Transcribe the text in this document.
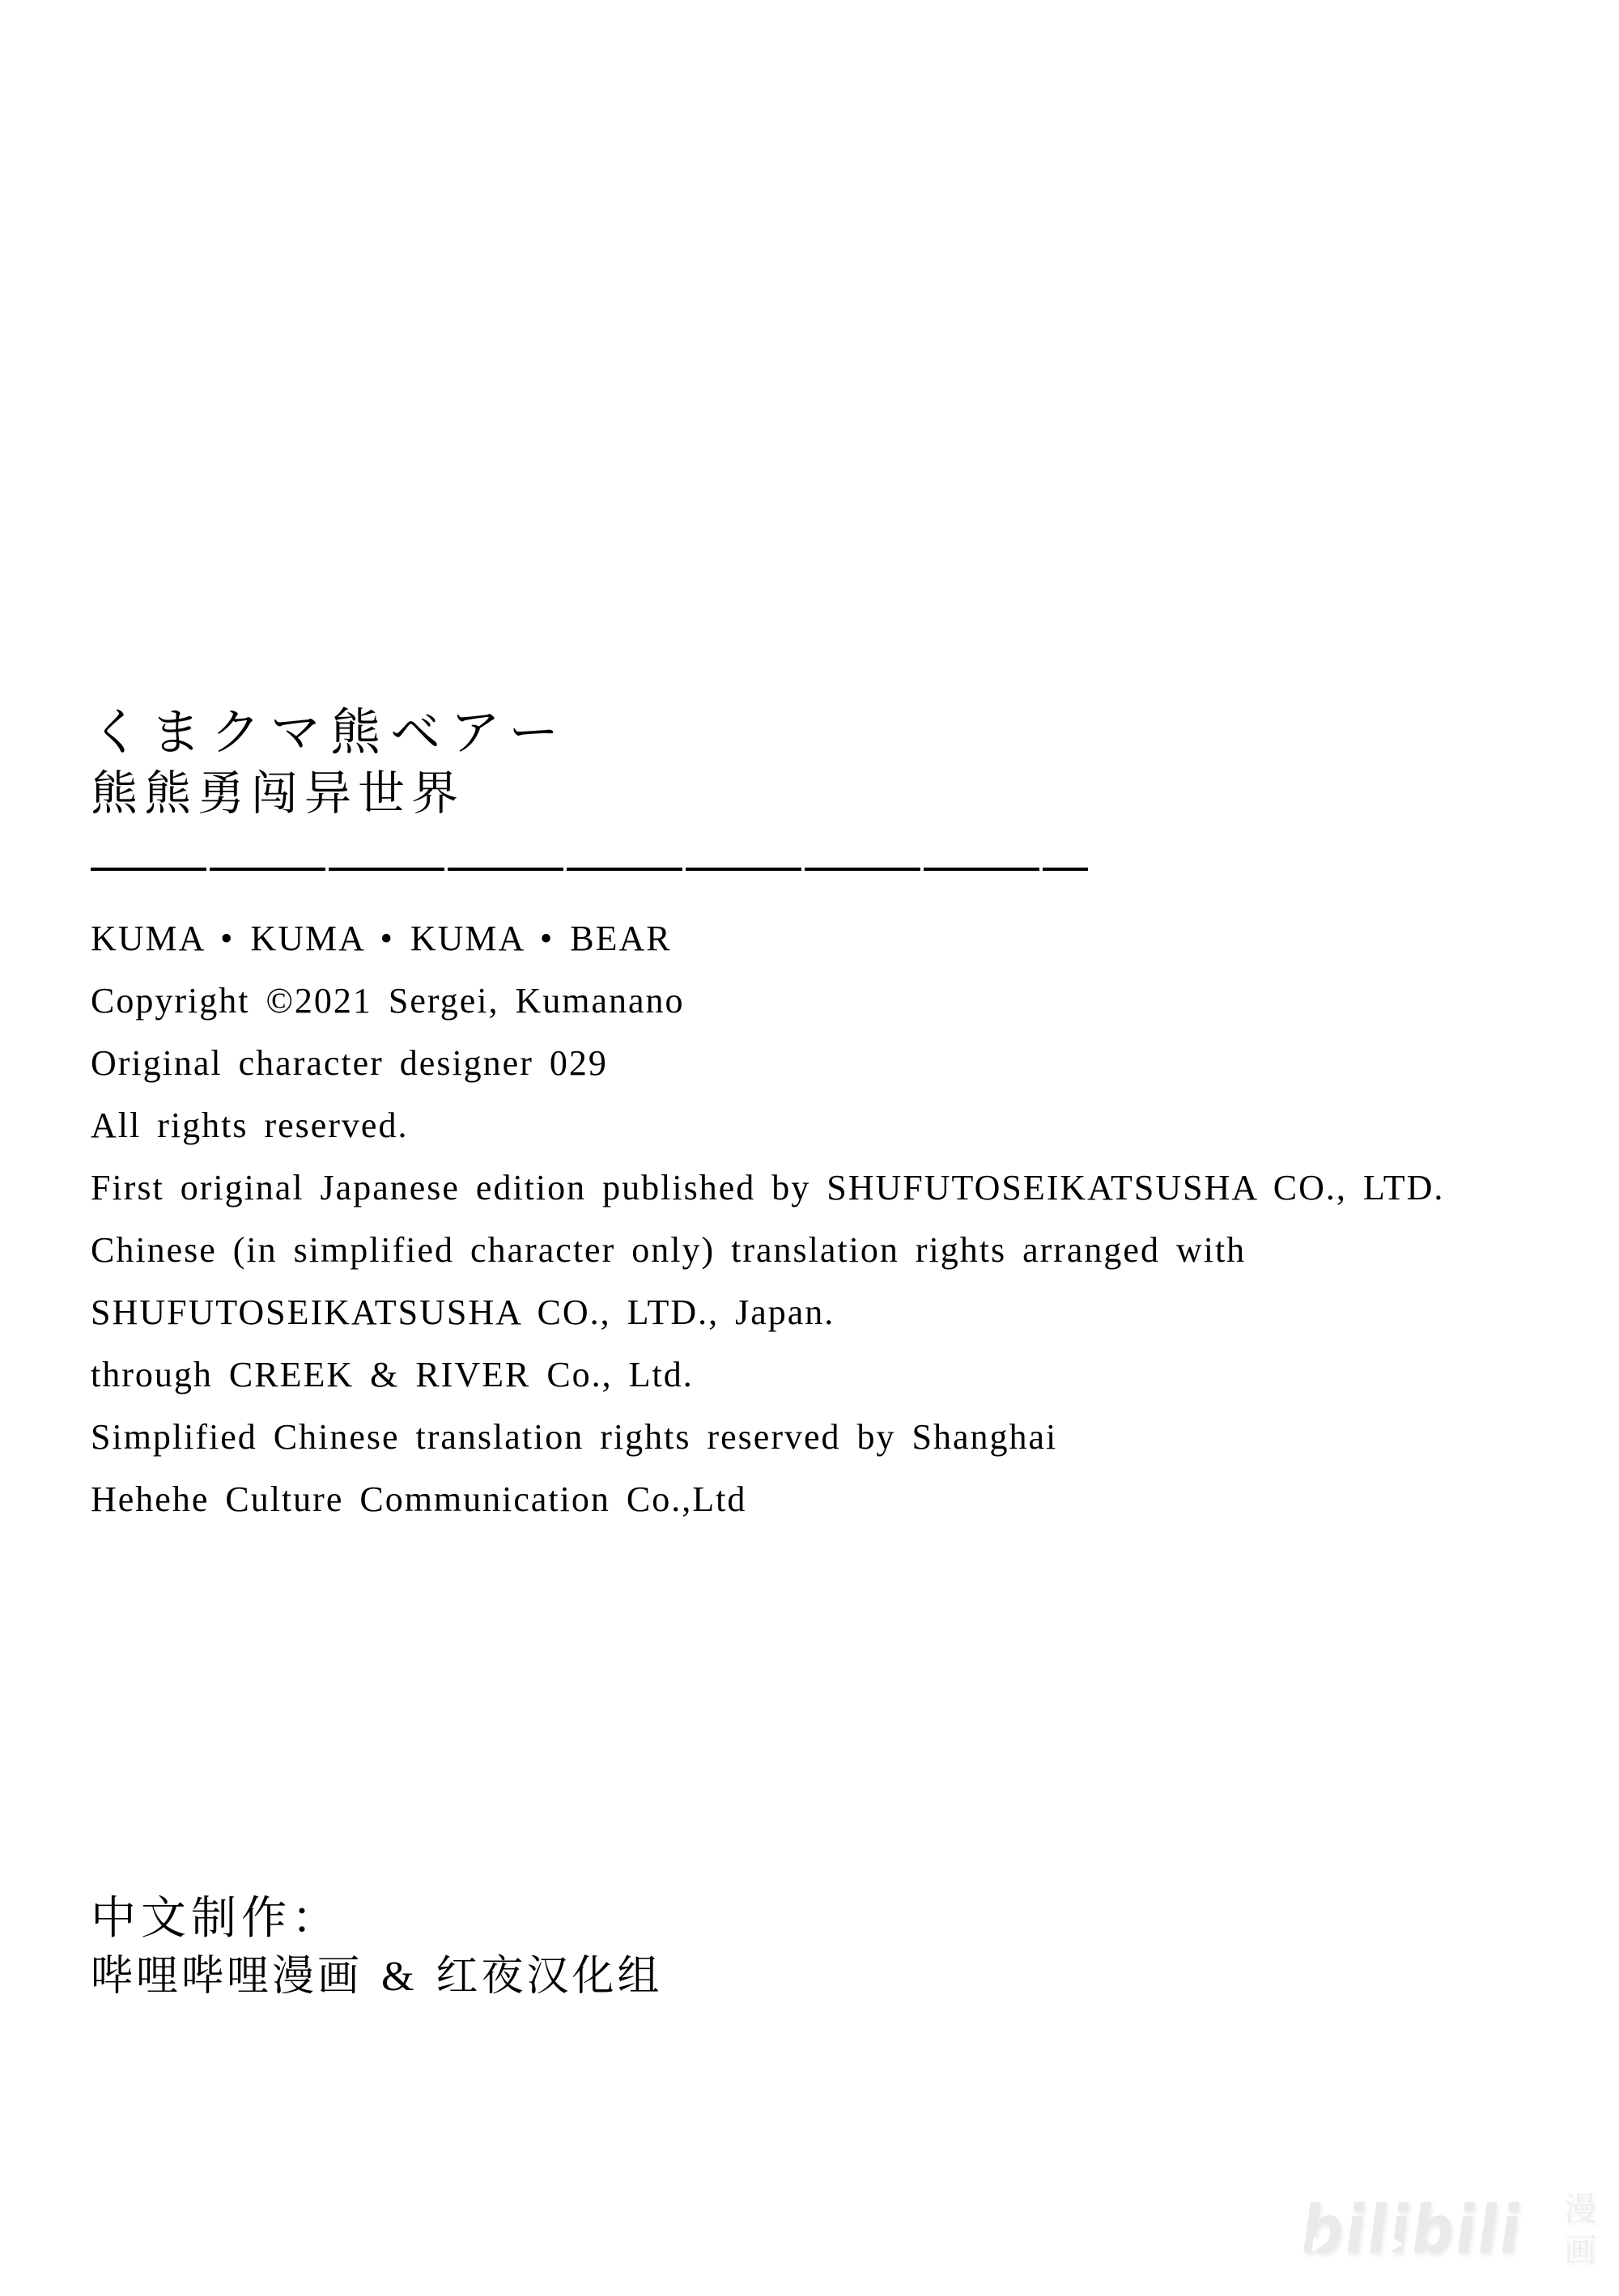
くまクマ熊ベアー
熊熊勇闯异世界
KUMA • KUMA • KUMA • BEAR
Copyright ©2021 Sergei, Kumanano
Original character designer 029
All rights reserved.
First original Japanese edition published by SHUFUTOSEIKATSUSHA CO., LTD.
Chinese (in simplified character only) translation rights arranged with
SHUFUTOSEIKATSUSHA CO., LTD., Japan.
through CREEK & RIVER Co., Ltd.
Simplified Chinese translation rights reserved by Shanghai
Hehehe Culture Communication Co.,Ltd
中文制作：
哔哩哔哩漫画 & 红夜汉化组
bilibili	漫
画
